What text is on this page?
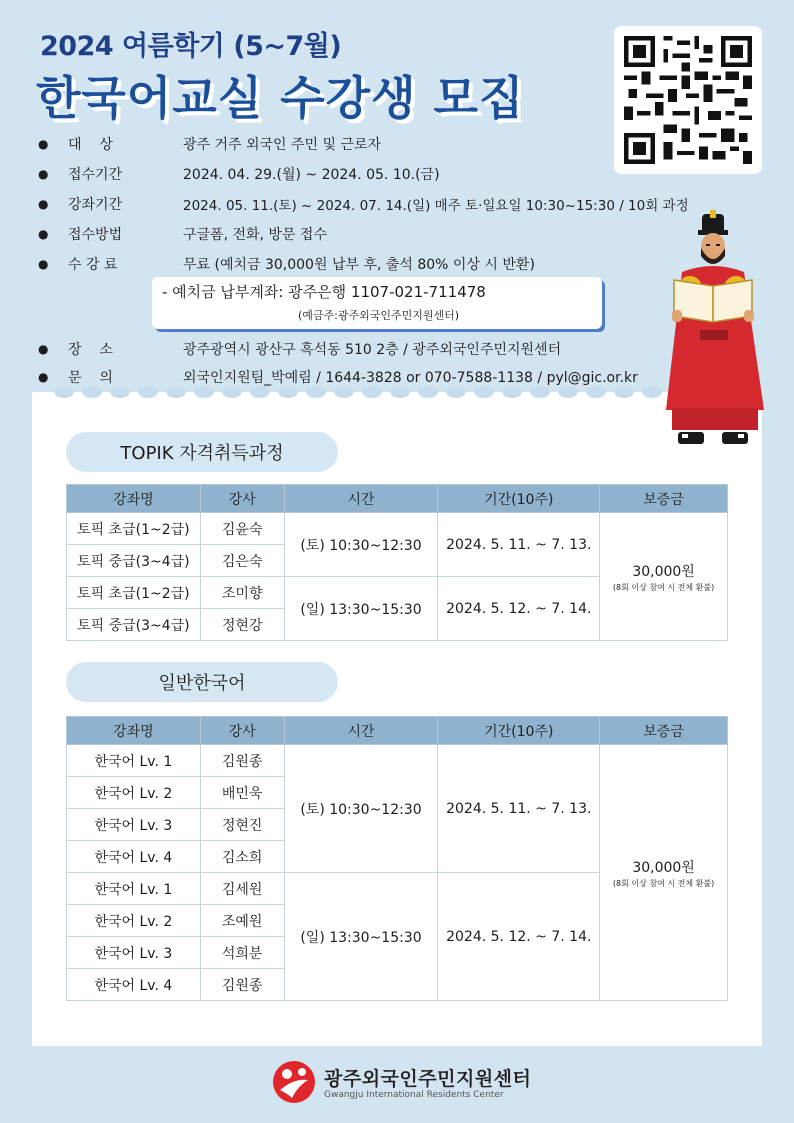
2024 여름학기 (5~7월)
한국어교실 수강생 모집
●	대    상	광주 거주 외국인 주민 및 근로자
●	접수기간	2024. 04. 29.(월) ~ 2024. 05. 10.(금)
●	강좌기간	2024. 05. 11.(토) ~ 2024. 07. 14.(일) 매주 토·일요일 10:30~15:30 / 10회 과정
●	접수방법	구글폼, 전화, 방문 접수
●	수 강 료	무료 (예치금 30,000원 납부 후, 출석 80% 이상 시 반환)
●	장    소	광주광역시 광산구 흑석동 510 2층 / 광주외국인주민지원센터
●	문    의	외국인지원팀_박예림 / 1644-3828 or 070-7588-1138 / pyl@gic.or.kr
- 예치금 납부계좌: 광주은행 1107-021-711478
(예금주:광주외국인주민지원센터)
TOPIK 자격취득과정
강좌명	강사	시간	기간(10주)	보증금
토픽 초급(1~2급)	김윤숙	(토) 10:30~12:30	2024. 5. 11. ~ 7. 13.	30,000원
(8회 이상 참여 시 전체 환불)

토픽 중급(3~4급)	김은숙			
토픽 초급(1~2급)	조미향	(일) 13:30~15:30	2024. 5. 12. ~ 7. 14.	
토픽 중급(3~4급)	정현강			
일반한국어
강좌명	강사	시간	기간(10주)	보증금
한국어 Lv. 1	김원종	(토) 10:30~12:30	2024. 5. 11. ~ 7. 13.	30,000원
(8회 이상 참여 시 전체 환불)

한국어 Lv. 2	배민욱			
한국어 Lv. 3	정현진			
한국어 Lv. 4	김소희			
한국어 Lv. 1	김세원	(일) 13:30~15:30	2024. 5. 12. ~ 7. 14.	
한국어 Lv. 2	조예원			
한국어 Lv. 3	석희분			
한국어 Lv. 4	김원종			
광주외국인주민지원센터
Gwangju International Residents Center
